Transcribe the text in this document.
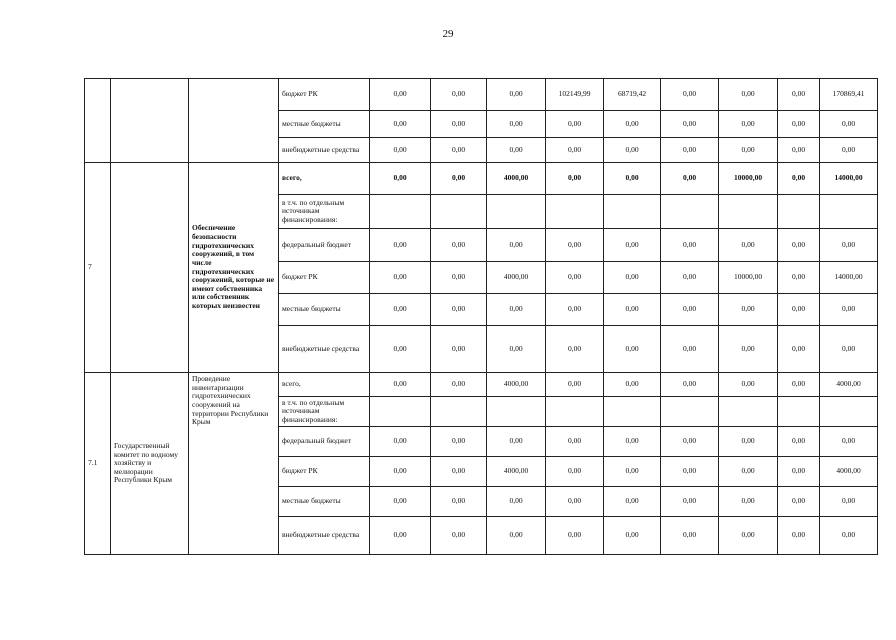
29
			бюджет РК	0,00	0,00	0,00	102149,99	68719,42	0,00	0,00	0,00	170869,41
			местные бюджеты	0,00	0,00	0,00	0,00	0,00	0,00	0,00	0,00	0,00
			внебюджетные средства	0,00	0,00	0,00	0,00	0,00	0,00	0,00	0,00	0,00
7		Обеспечение безопасности гидротехнических сооружений, в том числе гидротехнических сооружений, которые не имеют собственника или собственник которых неизвестен	всего,	0,00	0,00	4000,00	0,00	0,00	0,00	10000,00	0,00	14000,00
			в т.ч. по отдельным источникам финансирования:									
			федеральный бюджет	0,00	0,00	0,00	0,00	0,00	0,00	0,00	0,00	0,00
			бюджет РК	0,00	0,00	4000,00	0,00	0,00	0,00	10000,00	0,00	14000,00
			местные бюджеты	0,00	0,00	0,00	0,00	0,00	0,00	0,00	0,00	0,00
			внебюджетные средства	0,00	0,00	0,00	0,00	0,00	0,00	0,00	0,00	0,00
7.1	Государственный комитет по водному хозяйству и мелиорации Республики Крым	Проведение инвентаризации гидротехнических сооружений на территории Республики Крым	всего,	0,00	0,00	4000,00	0,00	0,00	0,00	0,00	0,00	4000,00
			в т.ч. по отдельным источникам финансирования:									
			федеральный бюджет	0,00	0,00	0,00	0,00	0,00	0,00	0,00	0,00	0,00
			бюджет РК	0,00	0,00	4000,00	0,00	0,00	0,00	0,00	0,00	4000,00
			местные бюджеты	0,00	0,00	0,00	0,00	0,00	0,00	0,00	0,00	0,00
			внебюджетные средства	0,00	0,00	0,00	0,00	0,00	0,00	0,00	0,00	0,00
